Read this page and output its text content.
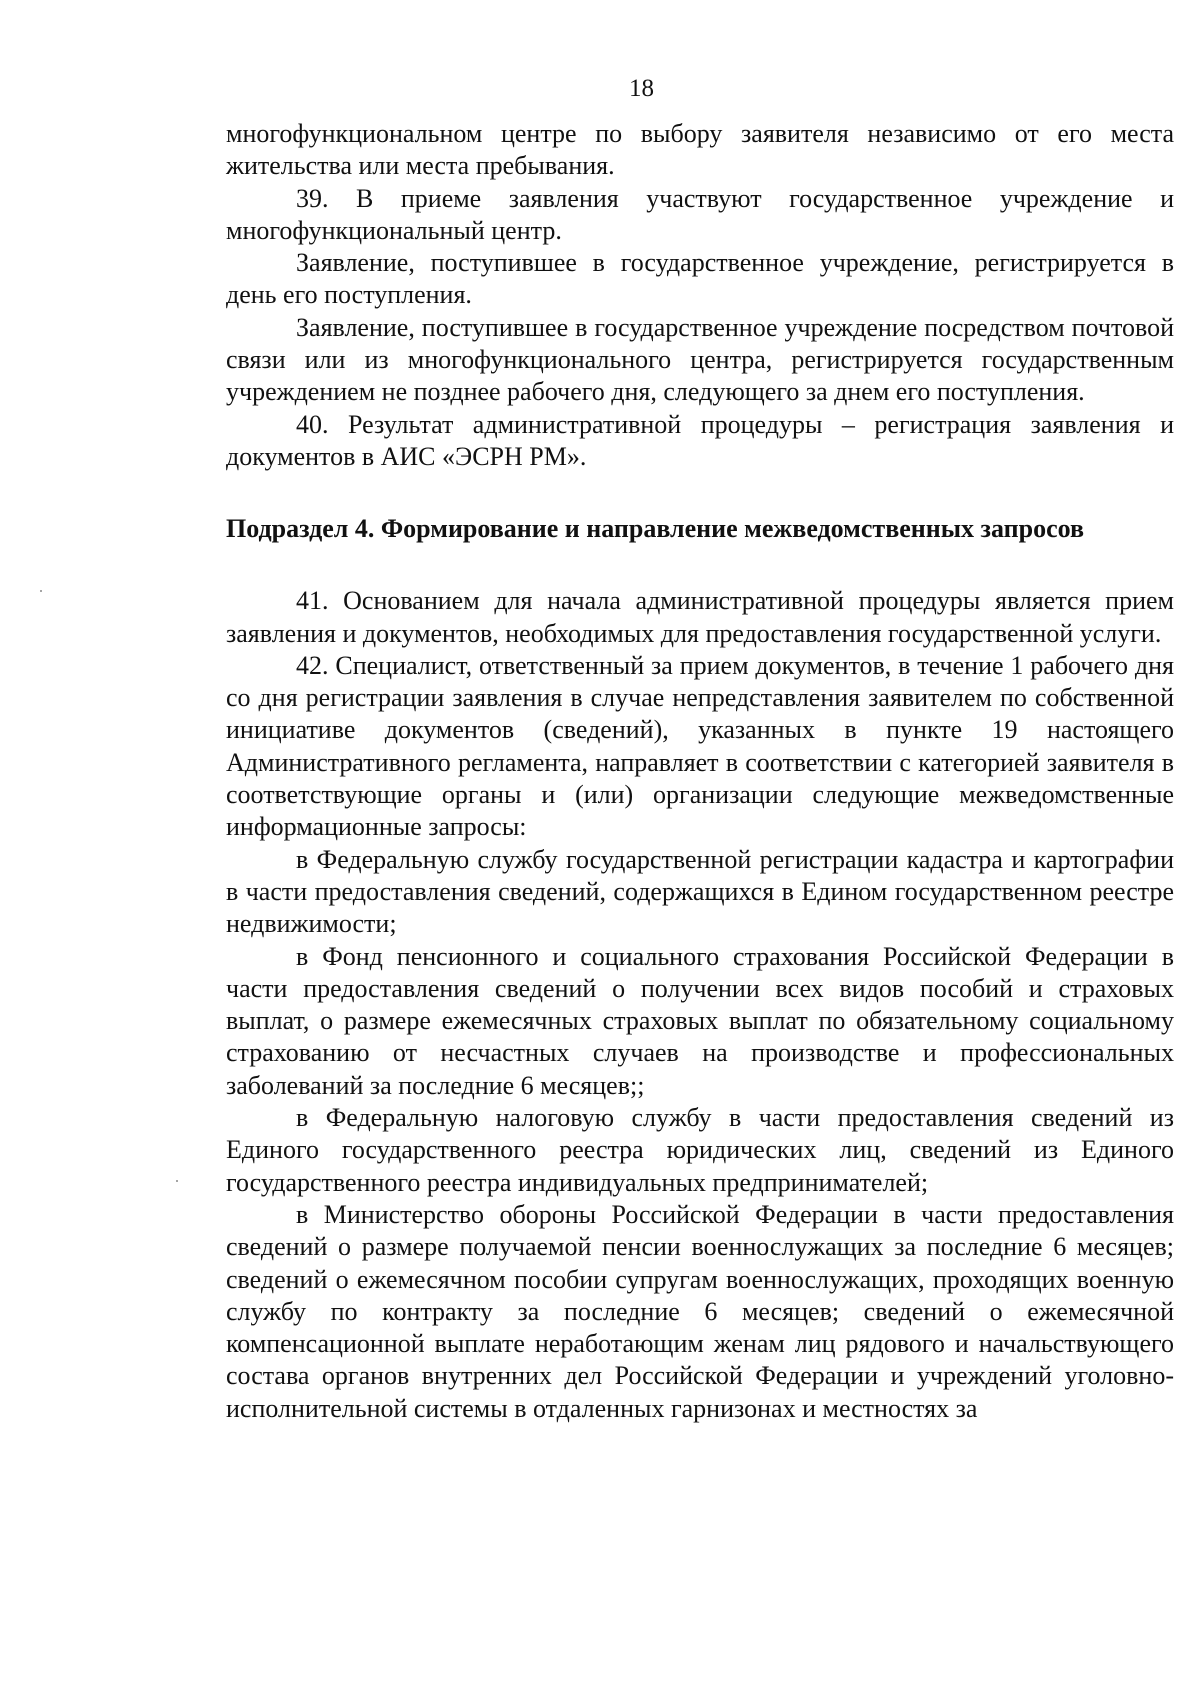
18

многофункциональном центре по выбору заявителя независимо от его места жительства или места пребывания.

39. В приеме заявления участвуют государственное учреждение и многофункциональный центр.

Заявление, поступившее в государственное учреждение, регистрируется в день его поступления.

Заявление, поступившее в государственное учреждение посредством почтовой связи или из многофункционального центра, регистрируется государственным учреждением не позднее рабочего дня, следующего за днем его поступления.

40. Результат административной процедуры – регистрация заявления и документов в АИС «ЭСРН РМ».

Подраздел 4. Формирование и направление межведомственных запросов

41. Основанием для начала административной процедуры является прием заявления и документов, необходимых для предоставления государственной услуги.

42. Специалист, ответственный за прием документов, в течение 1 рабочего дня со дня регистрации заявления в случае непредставления заявителем по собственной инициативе документов (сведений), указанных в пункте 19 настоящего Административного регламента, направляет в соответствии с категорией заявителя в соответствующие органы и (или) организации следующие межведомственные информационные запросы:

в Федеральную службу государственной регистрации кадастра и картографии в части предоставления сведений, содержащихся в Едином государственном реестре недвижимости;

в Фонд пенсионного и социального страхования Российской Федерации в части предоставления сведений о получении всех видов пособий и страховых выплат, о размере ежемесячных страховых выплат по обязательному социальному страхованию от несчастных случаев на производстве и профессиональных заболеваний за последние 6 месяцев;;

в Федеральную налоговую службу в части предоставления сведений из Единого государственного реестра юридических лиц, сведений из Единого государственного реестра индивидуальных предпринимателей;

в Министерство обороны Российской Федерации в части предоставления сведений о размере получаемой пенсии военнослужащих за последние 6 месяцев; сведений о ежемесячном пособии супругам военнослужащих, проходящих военную службу по контракту за последние 6 месяцев; сведений о ежемесячной компенсационной выплате неработающим женам лиц рядового и начальствующего состава органов внутренних дел Российской Федерации и учреждений уголовно-исполнительной системы в отдаленных гарнизонах и местностях за
